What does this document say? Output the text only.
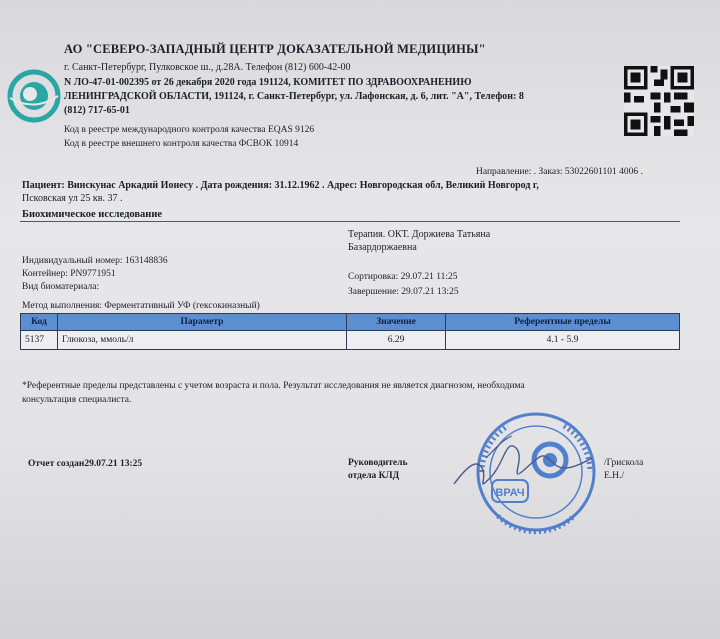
АО "СЕВЕРО-ЗАПАДНЫЙ ЦЕНТР ДОКАЗАТЕЛЬНОЙ МЕДИЦИНЫ"
г. Санкт-Петербург, Пулковское ш., д.28А. Телефон (812) 600-42-00
N ЛО-47-01-002395 от 26 декабря 2020 года 191124, КОМИТЕТ ПО ЗДРАВООХРАНЕНИЮ
ЛЕНИНГРАДСКОЙ ОБЛАСТИ, 191124, г. Санкт-Петербург, ул. Лафонская, д. 6, лит. "А", Телефон: 8
(812) 717-65-01
Код в реестре международного контроля качества EQAS 9126
Код в реестре внешнего контроля качества ФСВОК 10914
Направление: . Заказ: 53022601101 4006 .
Пациент: Винскунас Аркадий Ионесу . Дата рождения: 31.12.1962 . Адрес: Новгородская обл, Великий Новгород г,
Псковская ул 25 кв. 37 .
Биохимическое исследование
Терапия. ОКТ. Доржиева Татьяна
Базардоржаевна
Индивидуальный номер: 163148836
Контейнер: PN9771951
Вид биоматериала:
Сортировка: 29.07.21 11:25
Завершение: 29.07.21 13:25
Метод выполнения: Ферментативный УФ (гексокиназный)
Код	Параметр	Значение	Референтные пределы
5137	Глюкоза, ммоль/л	6.29	4.1 - 5.9
*Референтные пределы представлены с учетом возраста и пола. Результат исследования не является диагнозом, необходима
консультация специалиста.
Отчет создан29.07.21 13:25	Руководитель
отдела КЛД
ВРАЧ
/Грискола
Е.Н./
